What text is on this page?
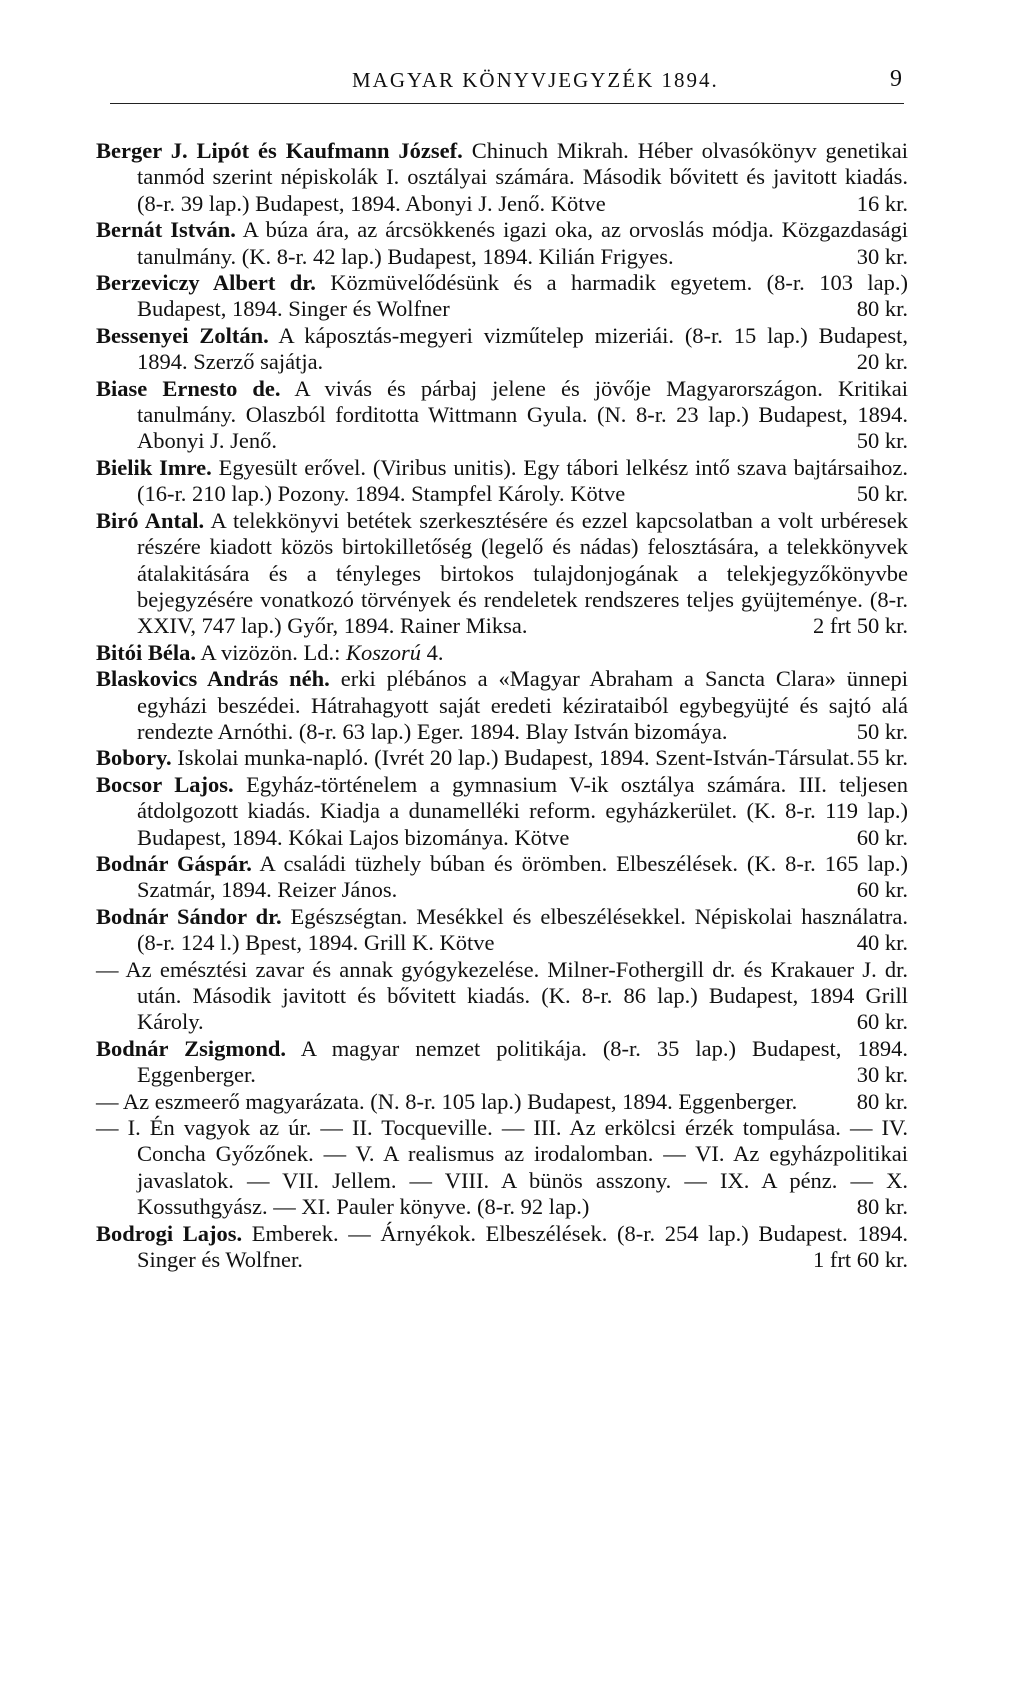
MAGYAR KÖNYVJEGYZÉK 1894.	9

Berger J. Lipót és Kaufmann József. Chinuch Mikrah. Héber olvasókönyv genetikai tanmód szerint népiskolák I. osztályai számára. Második bővitett és javitott kiadás. (8-r. 39 lap.) Budapest, 1894. Abonyi J. Jenő. Kötve	16 kr.

Bernát István. A búza ára, az árcsökkenés igazi oka, az orvoslás módja. Közgazdasági tanulmány. (K. 8-r. 42 lap.) Budapest, 1894. Kilián Frigyes.	30 kr.

Berzeviczy Albert dr. Közmüvelődésünk és a harmadik egyetem. (8-r. 103 lap.) Budapest, 1894. Singer és Wolfner	80 kr.

Bessenyei Zoltán. A káposztás-megyeri vizműtelep mizeriái. (8-r. 15 lap.) Budapest, 1894. Szerző sajátja.	20 kr.

Biase Ernesto de. A vivás és párbaj jelene és jövője Magyarországon. Kritikai tanulmány. Olaszból forditotta Wittmann Gyula. (N. 8-r. 23 lap.) Budapest, 1894. Abonyi J. Jenő.	50 kr.

Bielik Imre. Egyesült erővel. (Viribus unitis). Egy tábori lelkész intő szava bajtársaihoz. (16-r. 210 lap.) Pozony. 1894. Stampfel Károly. Kötve	50 kr.

Biró Antal. A telekkönyvi betétek szerkesztésére és ezzel kapcsolatban a volt urbéresek részére kiadott közös birtokilletőség (legelő és nádas) felosztására, a telekkönyvek átalakitására és a tényleges birtokos tulajdonjogának a telekjegyzőkönyvbe bejegyzésére vonatkozó törvények és rendeletek rendszeres teljes gyüjteménye. (8-r. XXIV, 747 lap.) Győr, 1894. Rainer Miksa.	2 frt 50 kr.

Bitói Béla. A vizözön. Ld.: Koszorú 4.

Blaskovics András néh. erki plébános a «Magyar Abraham a Sancta Clara» ünnepi egyházi beszédei. Hátrahagyott saját eredeti kézirataiból egybegyüjté és sajtó alá rendezte Arnóthi. (8-r. 63 lap.) Eger. 1894. Blay István bizomáya.	50 kr.

Bobory. Iskolai munka-napló. (Ivrét 20 lap.) Budapest, 1894. Szent-István-Társulat. 55 kr.

Bocsor Lajos. Egyház-történelem a gymnasium V-ik osztálya számára. III. teljesen átdolgozott kiadás. Kiadja a dunamelléki reform. egyházkerület. (K. 8-r. 119 lap.) Budapest, 1894. Kókai Lajos bizománya. Kötve	60 kr.

Bodnár Gáspár. A családi tüzhely búban és örömben. Elbeszélések. (K. 8-r. 165 lap.) Szatmár, 1894. Reizer János.	60 kr.

Bodnár Sándor dr. Egészségtan. Mesékkel és elbeszélésekkel. Népiskolai használatra. (8-r. 124 l.) Bpest, 1894. Grill K. Kötve	40 kr.

— Az emésztési zavar és annak gyógykezelése. Milner-Fothergill dr. és Krakauer J. dr. után. Második javitott és bővitett kiadás. (K. 8-r. 86 lap.) Budapest, 1894 Grill Károly.	60 kr.

Bodnár Zsigmond. A magyar nemzet politikája. (8-r. 35 lap.) Budapest, 1894. Eggenberger.	30 kr.

— Az eszmeerő magyarázata. (N. 8-r. 105 lap.) Budapest, 1894. Eggenberger.	80 kr.

— I. Én vagyok az úr. — II. Tocqueville. — III. Az erkölcsi érzék tompulása. — IV. Concha Győzőnek. — V. A realismus az irodalomban. — VI. Az egyházpolitikai javaslatok. — VII. Jellem. — VIII. A bünös asszony. — IX. A pénz. — X. Kossuthgyász. — XI. Pauler könyve. (8-r. 92 lap.)	80 kr.

Bodrogi Lajos. Emberek. — Árnyékok. Elbeszélések. (8-r. 254 lap.) Budapest. 1894. Singer és Wolfner.	1 frt 60 kr.
